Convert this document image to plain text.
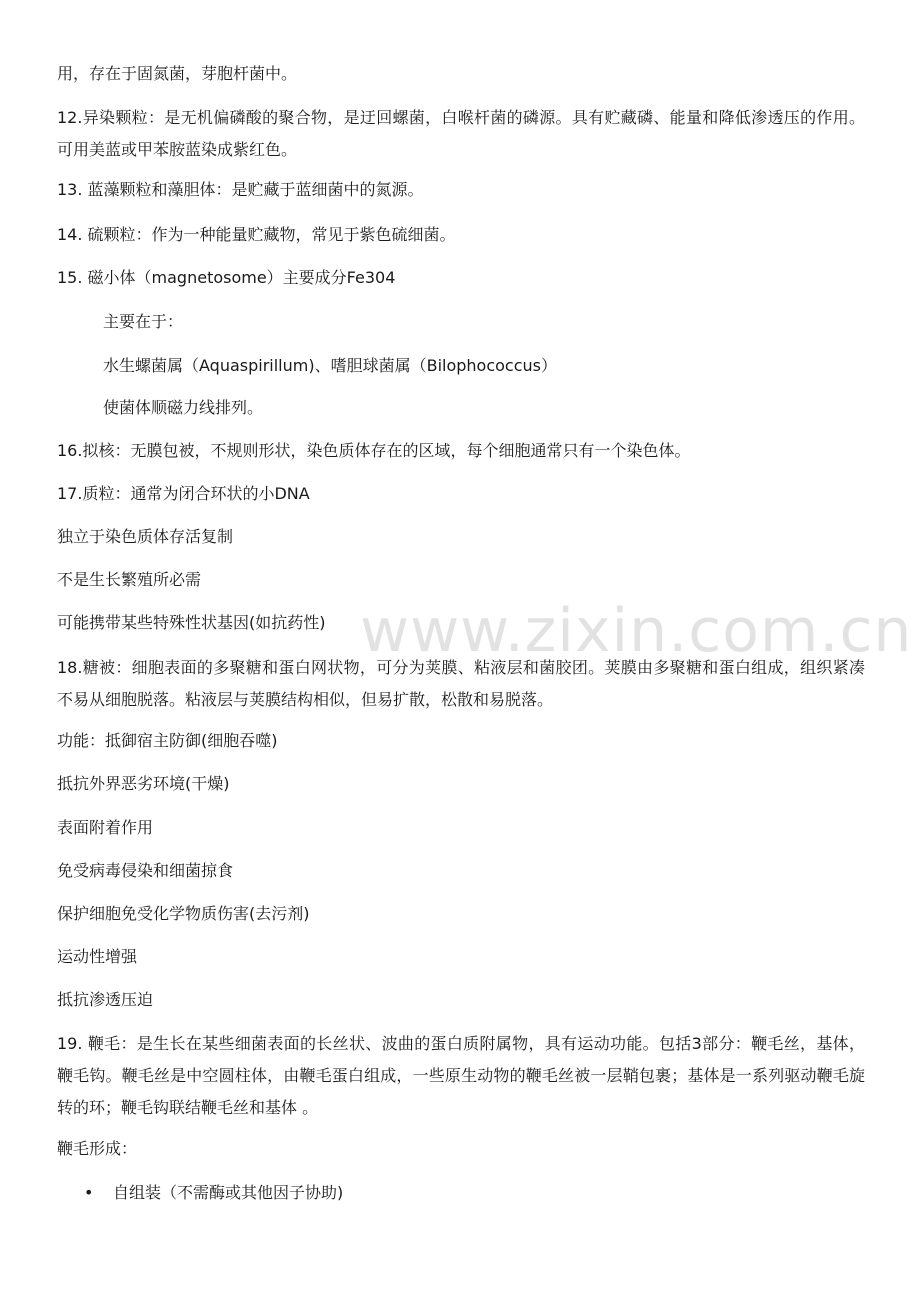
www.zixin.com.cn
用，存在于固氮菌，芽胞杆菌中。
12.异染颗粒：是无机偏磷酸的聚合物，是迂回螺菌，白喉杆菌的磷源。具有贮藏磷、能量和降低渗透压的作用。可用美蓝或甲苯胺蓝染成紫红色。
13. 蓝藻颗粒和藻胆体：是贮藏于蓝细菌中的氮源。
14. 硫颗粒：作为一种能量贮藏物，常见于紫色硫细菌。
15. 磁小体（magnetosome）主要成分Fe304
主要在于：
水生螺菌属（Aquaspirillum)、嗜胆球菌属（Bilophococcus）
使菌体顺磁力线排列。
16.拟核：无膜包被，不规则形状，染色质体存在的区域，每个细胞通常只有一个染色体。
17.质粒：通常为闭合环状的小DNA
独立于染色质体存活复制
不是生长繁殖所必需
可能携带某些特殊性状基因(如抗药性)
18.糖被：细胞表面的多聚糖和蛋白网状物，可分为荚膜、粘液层和菌胶团。荚膜由多聚糖和蛋白组成，组织紧凑不易从细胞脱落。粘液层与荚膜结构相似，但易扩散，松散和易脱落。
功能：抵御宿主防御(细胞吞噬)
抵抗外界恶劣环境(干燥)
表面附着作用
免受病毒侵染和细菌掠食
保护细胞免受化学物质伤害(去污剂)
运动性增强
抵抗渗透压迫
19. 鞭毛：是生长在某些细菌表面的长丝状、波曲的蛋白质附属物，具有运动功能。包括3部分：鞭毛丝，基体，鞭毛钩。鞭毛丝是中空圆柱体，由鞭毛蛋白组成，一些原生动物的鞭毛丝被一层鞘包裹；基体是一系列驱动鞭毛旋转的环；鞭毛钩联结鞭毛丝和基体 。
鞭毛形成：
• 自组装（不需酶或其他因子协助)
